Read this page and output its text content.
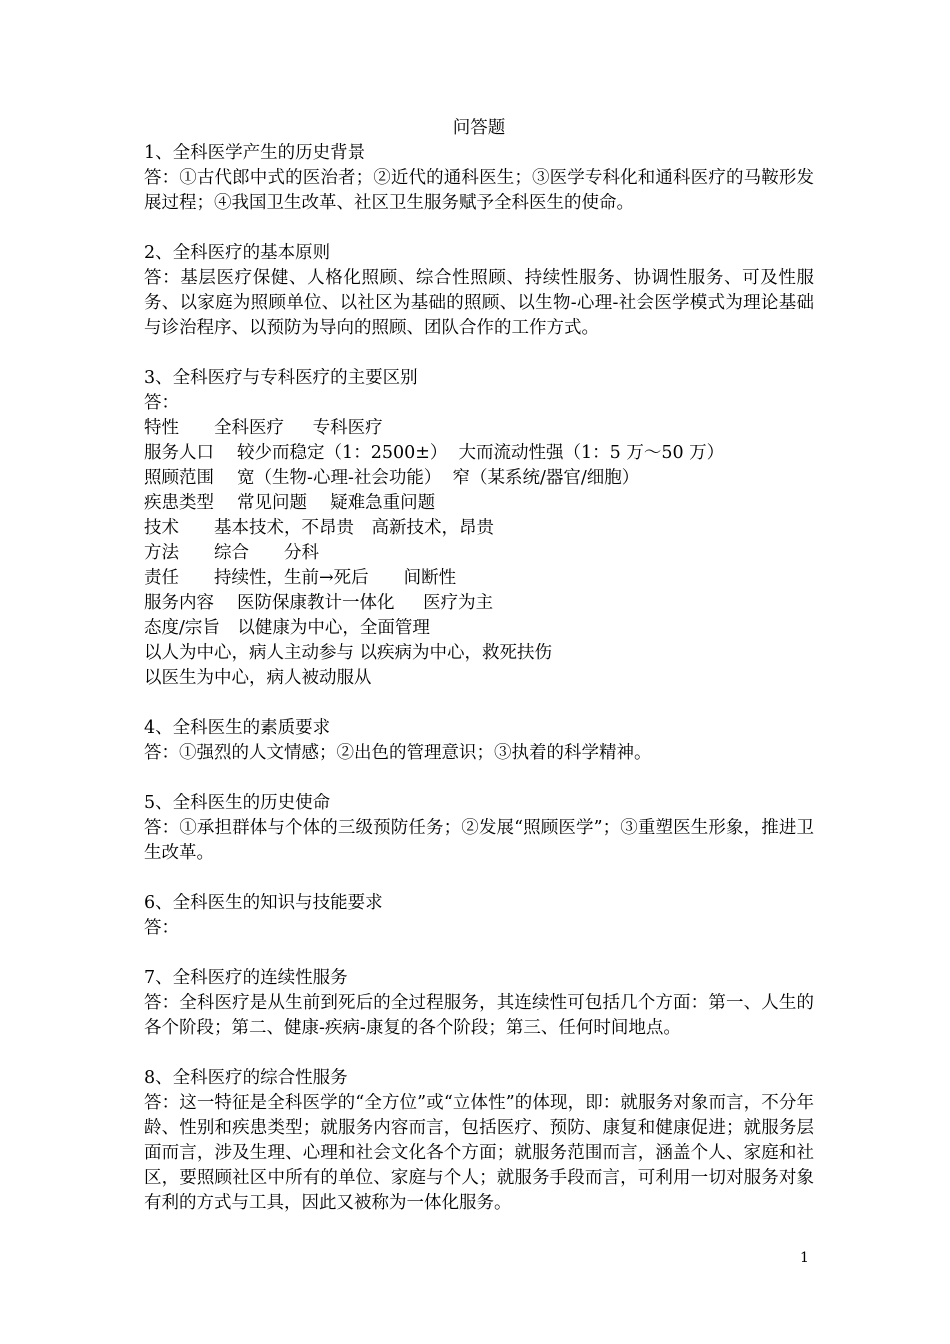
问答题
1、全科医学产生的历史背景
答：①古代郎中式的医治者；②近代的通科医生；③医学专科化和通科医疗的马鞍形发展过程；④我国卫生改革、社区卫生服务赋予全科医生的使命。
2、全科医疗的基本原则
答：基层医疗保健、人格化照顾、综合性照顾、持续性服务、协调性服务、可及性服务、以家庭为照顾单位、以社区为基础的照顾、以生物-心理-社会医学模式为理论基础与诊治程序、以预防为导向的照顾、团队合作的工作方式。
3、全科医疗与专科医疗的主要区别
答：
特性　　全科医疗　  专科医疗
服务人口　 较少而稳定（1：2500±）  大而流动性强（1：5 万～50 万）
照顾范围　 宽（生物-心理-社会功能）  窄（某系统/器官/细胞）
疾患类型　 常见问题　 疑难急重问题
技术　　基本技术，不昂贵　高新技术，昂贵
方法　　综合　　分科
责任　　持续性，生前→死后　　间断性
服务内容　 医防保康教计一体化　  医疗为主
态度/宗旨　以健康为中心，全面管理
以人为中心，病人主动参与 以疾病为中心，救死扶伤
以医生为中心，病人被动服从
4、全科医生的素质要求
答：①强烈的人文情感；②出色的管理意识；③执着的科学精神。
5、全科医生的历史使命
答：①承担群体与个体的三级预防任务；②发展“照顾医学”；③重塑医生形象，推进卫生改革。
6、全科医生的知识与技能要求
答：
7、全科医疗的连续性服务
答：全科医疗是从生前到死后的全过程服务，其连续性可包括几个方面：第一、人生的各个阶段；第二、健康-疾病-康复的各个阶段；第三、任何时间地点。
8、全科医疗的综合性服务
答：这一特征是全科医学的“全方位”或“立体性”的体现，即：就服务对象而言，不分年龄、性别和疾患类型；就服务内容而言，包括医疗、预防、康复和健康促进；就服务层面而言，涉及生理、心理和社会文化各个方面；就服务范围而言，涵盖个人、家庭和社区，要照顾社区中所有的单位、家庭与个人；就服务手段而言，可利用一切对服务对象有利的方式与工具，因此又被称为一体化服务。
1
